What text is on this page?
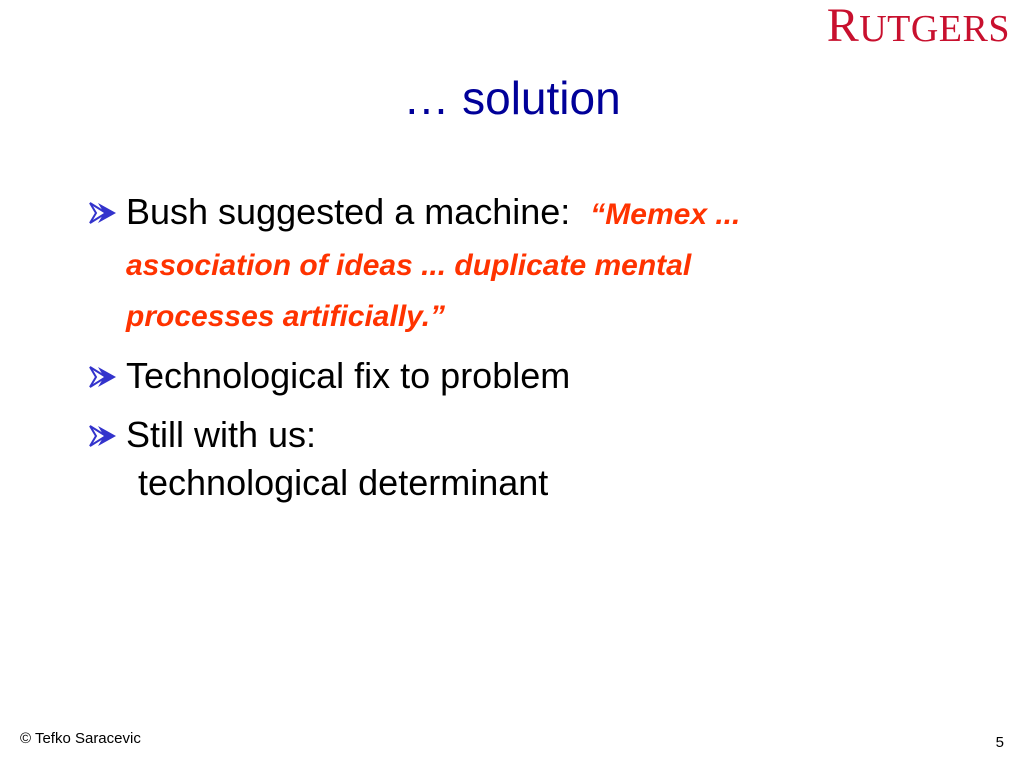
RUTGERS
… solution
Bush suggested a machine: “Memex ...
association of ideas ... duplicate mental
processes artificially.”
Technological fix to problem
Still with us:
technological determinant
© Tefko Saracevic	5
